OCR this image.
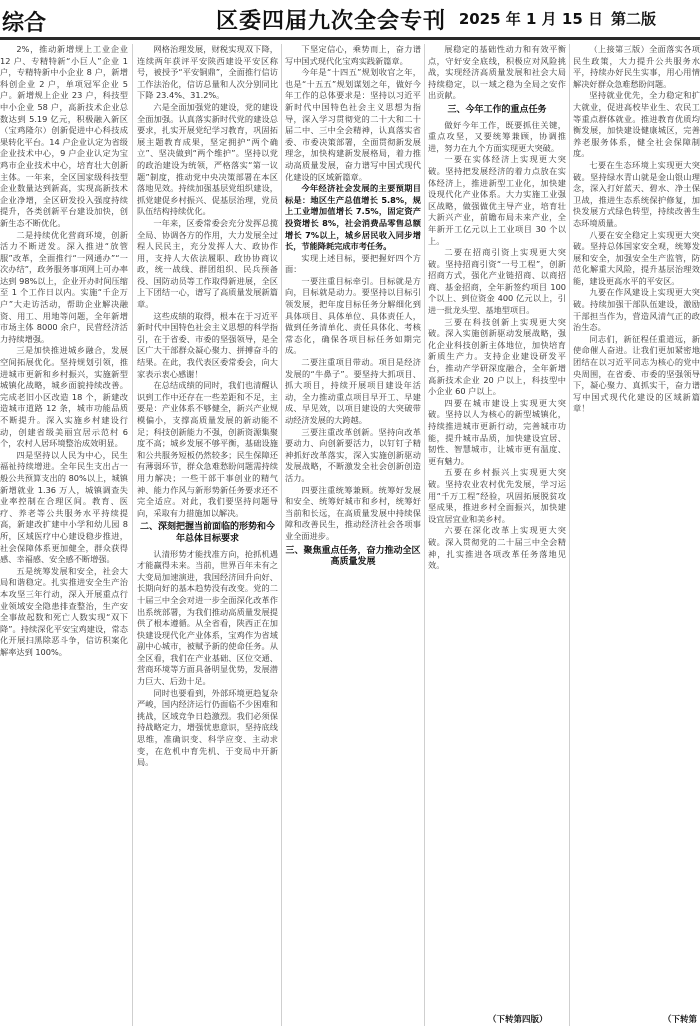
综合	区委四届九次全会专刊 2025 年 1 月 15 日 第二版

2%，推动新增规上工业企业 12 户、专精特新“小巨人”企业 1 户，专精特新中小企业 8 户，新增科创企业 2 户，单项冠军企业 5 户。新增规上企业 23 户，科技型中小企业 58 户，高新技术企业总数达到 5.19 亿元，积极融入新区（宝鸡隆尔）创新促进中心科技成果转化平台。14 户企业认定为省级企业技术中心，9 户企业认定为宝鸡市企业技术中心，培育壮大创新主体。一年来，全区国家级科技型企业数量达到新高，实现高新技术企业净增，全区研发投入强度持续提升，各类创新平台建设加快，创新生态不断优化。

二是持续优化营商环境，创新活力不断迸发。深入推进“放管服”改革，全面推行“一网通办”“一次办结”，政务服务事项网上可办率达到 98%以上，企业开办时间压缩至 1 个工作日以内。实施“千企万户”大走访活动，帮助企业解决融资、用工、用地等问题，全年新增市场主体 8000 余户，民营经济活力持续增强。

三是加快推进城乡融合，发展空间拓展优化。坚持规划引领，推进城市更新和乡村振兴，实施新型城镇化战略，城乡面貌持续改善。完成老旧小区改造 18 个，新建改造城市道路 12 条，城市功能品质不断提升。深入实施乡村建设行动，创建省级美丽宜居示范村 6 个，农村人居环境整治成效明显。

四是坚持以人民为中心，民生福祉持续增进。全年民生支出占一般公共预算支出的 80%以上，城镇新增就业 1.36 万人，城镇调查失业率控制在合理区间。教育、医疗、养老等公共服务水平持续提高，新建改扩建中小学和幼儿园 8 所，区域医疗中心建设稳步推进，社会保障体系更加健全，群众获得感、幸福感、安全感不断增强。

五是统筹发展和安全，社会大局和谐稳定。扎实推进安全生产治本攻坚三年行动，深入开展重点行业领域安全隐患排查整治，生产安全事故起数和死亡人数实现“双下降”。持续深化平安宝鸡建设，常态化开展扫黑除恶斗争，信访积案化解率达到 100%。

网格治理发展，财税实现双下降，连续两年获评平安陕西建设平安区称号，被授予“平安铜鼎”，全面推行信访工作法治化，信访总量和人次分别同比下降 23.4%、31.2%。

六是全面加强党的建设，党的建设全面加强。认真落实新时代党的建设总要求，扎实开展党纪学习教育，巩固拓展主题教育成果，坚定拥护“两个确立”、坚决做到“两个维护”。坚持以党的政治建设为统领，严格落实“第一议题”制度，推动党中央决策部署在本区落地见效。持续加强基层党组织建设，抓党建促乡村振兴、促基层治理，党员队伍结构持续优化。

一年来，区委常委会充分发挥总揽全局、协调各方的作用，大力发展全过程人民民主，充分发挥人大、政协作用，支持人大依法履职、政协协商议政，统一战线、群团组织、民兵预备役、国防动员等工作取得新进展，全区上下团结一心，谱写了高质量发展新篇章。

这些成绩的取得，根本在于习近平新时代中国特色社会主义思想的科学指引，在于省委、市委的坚强领导，是全区广大干部群众凝心聚力、拼搏奋斗的结果。在此，我代表区委常委会，向大家表示衷心感谢！

在总结成绩的同时，我们也清醒认识到工作中还存在一些差距和不足，主要是：产业体系不够健全，新兴产业规模偏小，支撑高质量发展的新动能不足；科技创新能力不强，创新资源集聚度不高；城乡发展不够平衡，基础设施和公共服务短板仍然较多；民生保障还有薄弱环节，群众急难愁盼问题需持续用力解决；一些干部干事创业的精气神、能力作风与新形势新任务要求还不完全适应。对此，我们要坚持问题导向，采取有力措施加以解决。

二、深刻把握当前面临的形势和今年总体目标要求

认清形势才能找准方向，抢抓机遇才能赢得未来。当前，世界百年未有之大变局加速演进，我国经济回升向好、长期向好的基本趋势没有改变。党的二十届三中全会对进一步全面深化改革作出系统部署，为我们推动高质量发展提供了根本遵循。从全省看，陕西正在加快建设现代化产业体系，宝鸡作为省域副中心城市，被赋予新的使命任务。从全区看，我们在产业基础、区位交通、营商环境等方面具备明显优势，发展潜力巨大、后劲十足。

同时也要看到，外部环境更趋复杂严峻，国内经济运行仍面临不少困难和挑战，区域竞争日趋激烈。我们必须保持战略定力，增强忧患意识，坚持底线思维，准确识变、科学应变、主动求变，在危机中育先机、于变局中开新局。

下坚定信心，乘势而上，奋力谱写中国式现代化宝鸡实践新篇章。

今年是“十四五”规划收官之年，也是“十五五”规划谋划之年，做好今年工作的总体要求是：坚持以习近平新时代中国特色社会主义思想为指导，深入学习贯彻党的二十大和二十届二中、三中全会精神，认真落实省委、市委决策部署，全面贯彻新发展理念，加快构建新发展格局，着力推动高质量发展，奋力谱写中国式现代化建设的区域新篇章。

今年经济社会发展的主要预期目标是：地区生产总值增长 5.8%，规上工业增加值增长 7.5%，固定资产投资增长 8%，社会消费品零售总额增长 7%以上，城乡居民收入同步增长，节能降耗完成市考任务。

实现上述目标，要把握好四个方面：

一要注重目标牵引。目标就是方向，目标就是动力。要坚持以目标引领发展，把年度目标任务分解细化到具体项目、具体单位、具体责任人，做到任务清单化、责任具体化、考核常态化，确保各项目标任务如期完成。

二要注重项目带动。项目是经济发展的“牛鼻子”。要坚持大抓项目、抓大项目，持续开展项目建设年活动，全力推动重点项目早开工、早建成、早见效，以项目建设的大突破带动经济发展的大跨越。

三要注重改革创新。坚持向改革要动力、向创新要活力，以钉钉子精神抓好改革落实，深入实施创新驱动发展战略，不断激发全社会创新创造活力。

四要注重统筹兼顾。统筹好发展和安全、统筹好城市和乡村，统筹好当前和长远，在高质量发展中持续保障和改善民生，推动经济社会各项事业全面进步。

三、聚焦重点任务，奋力推动全区高质量发展

展稳定的基础性动力和有效平衡点，守好安全底线，积极应对风险挑战，实现经济高质量发展和社会大局持续稳定，以一域之稳为全局之安作出贡献。

三、今年工作的重点任务

做好今年工作，既要抓住关键，重点攻坚，又要统筹兼顾，协调推进，努力在九个方面实现更大突破。

一要在实体经济上实现更大突破。坚持把发展经济的着力点放在实体经济上，推进新型工业化，加快建设现代化产业体系。大力实施工业强区战略，做强做优主导产业，培育壮大新兴产业，前瞻布局未来产业，全年新开工亿元以上工业项目 30 个以上。

二要在招商引资上实现更大突破。坚持招商引资“一号工程”，创新招商方式，强化产业链招商、以商招商、基金招商，全年新签约项目 100 个以上、到位资金 400 亿元以上，引进一批龙头型、基地型项目。

三要在科技创新上实现更大突破。深入实施创新驱动发展战略，强化企业科技创新主体地位，加快培育新质生产力。支持企业建设研发平台，推动产学研深度融合，全年新增高新技术企业 20 户以上，科技型中小企业 60 户以上。

四要在城市建设上实现更大突破。坚持以人为核心的新型城镇化，持续推进城市更新行动，完善城市功能，提升城市品质，加快建设宜居、韧性、智慧城市，让城市更有温度、更有魅力。

五要在乡村振兴上实现更大突破。坚持农业农村优先发展，学习运用“千万工程”经验，巩固拓展脱贫攻坚成果，推进乡村全面振兴，加快建设宜居宜业和美乡村。

六要在深化改革上实现更大突破。深入贯彻党的二十届三中全会精神，扎实推进各项改革任务落地见效。

（下转第四版）

（上接第三版）全面落实各项民生政策，大力提升公共服务水平，持续办好民生实事，用心用情解决好群众急难愁盼问题。

坚持就业优先，全力稳定和扩大就业，促进高校毕业生、农民工等重点群体就业。推进教育优质均衡发展，加快建设健康城区，完善养老服务体系，健全社会保障制度。

七要在生态环境上实现更大突破。坚持绿水青山就是金山银山理念，深入打好蓝天、碧水、净土保卫战，推进生态系统保护修复，加快发展方式绿色转型，持续改善生态环境质量。

八要在安全稳定上实现更大突破。坚持总体国家安全观，统筹发展和安全，加强安全生产监管，防范化解重大风险，提升基层治理效能，建设更高水平的平安区。

九要在作风建设上实现更大突破。持续加强干部队伍建设，激励干部担当作为，营造风清气正的政治生态。

同志们，新征程任重道远，新使命催人奋进。让我们更加紧密地团结在以习近平同志为核心的党中央周围，在省委、市委的坚强领导下，凝心聚力、真抓实干，奋力谱写中国式现代化建设的区域新篇章！

（下转第
